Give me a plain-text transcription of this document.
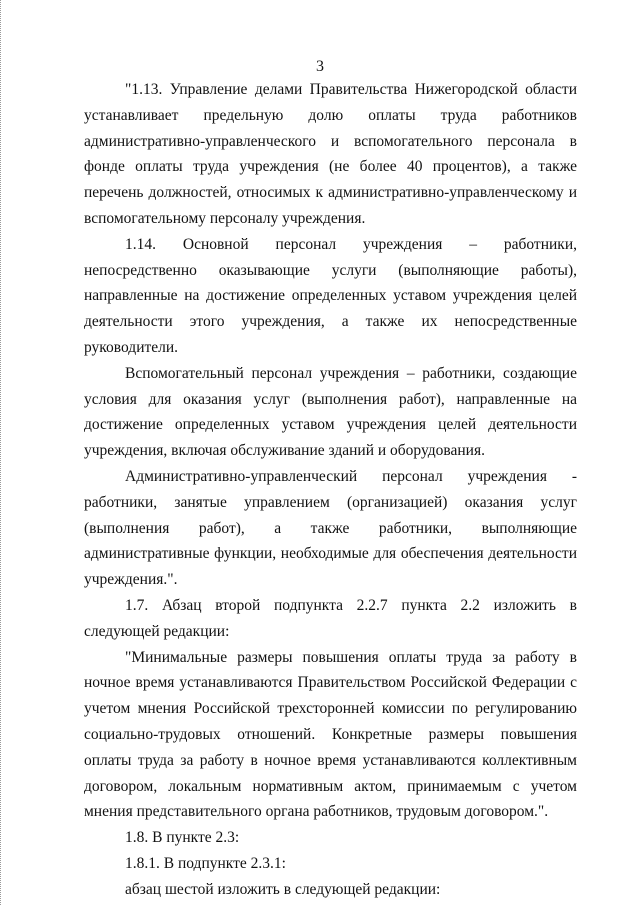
3

"1.13. Управление делами Правительства Нижегородской области устанавливает предельную долю оплаты труда работников административно-управленческого и вспомогательного персонала в фонде оплаты труда учреждения (не более 40 процентов), а также перечень должностей, относимых к административно-управленческому и вспомогательному персоналу учреждения.

1.14. Основной персонал учреждения – работники, непосредственно оказывающие услуги (выполняющие работы), направленные на достижение определенных уставом учреждения целей деятельности этого учреждения, а также их непосредственные руководители.

Вспомогательный персонал учреждения – работники, создающие условия для оказания услуг (выполнения работ), направленные на достижение определенных уставом учреждения целей деятельности учреждения, включая обслуживание зданий и оборудования.

Административно-управленческий персонал учреждения - работники, занятые управлением (организацией) оказания услуг (выполнения работ), а также работники, выполняющие административные функции, необходимые для обеспечения деятельности учреждения.".

1.7. Абзац второй подпункта 2.2.7 пункта 2.2 изложить в следующей редакции:

"Минимальные размеры повышения оплаты труда за работу в ночное время устанавливаются Правительством Российской Федерации с учетом мнения Российской трехсторонней комиссии по регулированию социально-трудовых отношений. Конкретные размеры повышения оплаты труда за работу в ночное время устанавливаются коллективным договором, локальным нормативным актом, принимаемым с учетом мнения представительного органа работников, трудовым договором.".

1.8. В пункте 2.3:

1.8.1. В подпункте 2.3.1:

абзац шестой изложить в следующей редакции:
